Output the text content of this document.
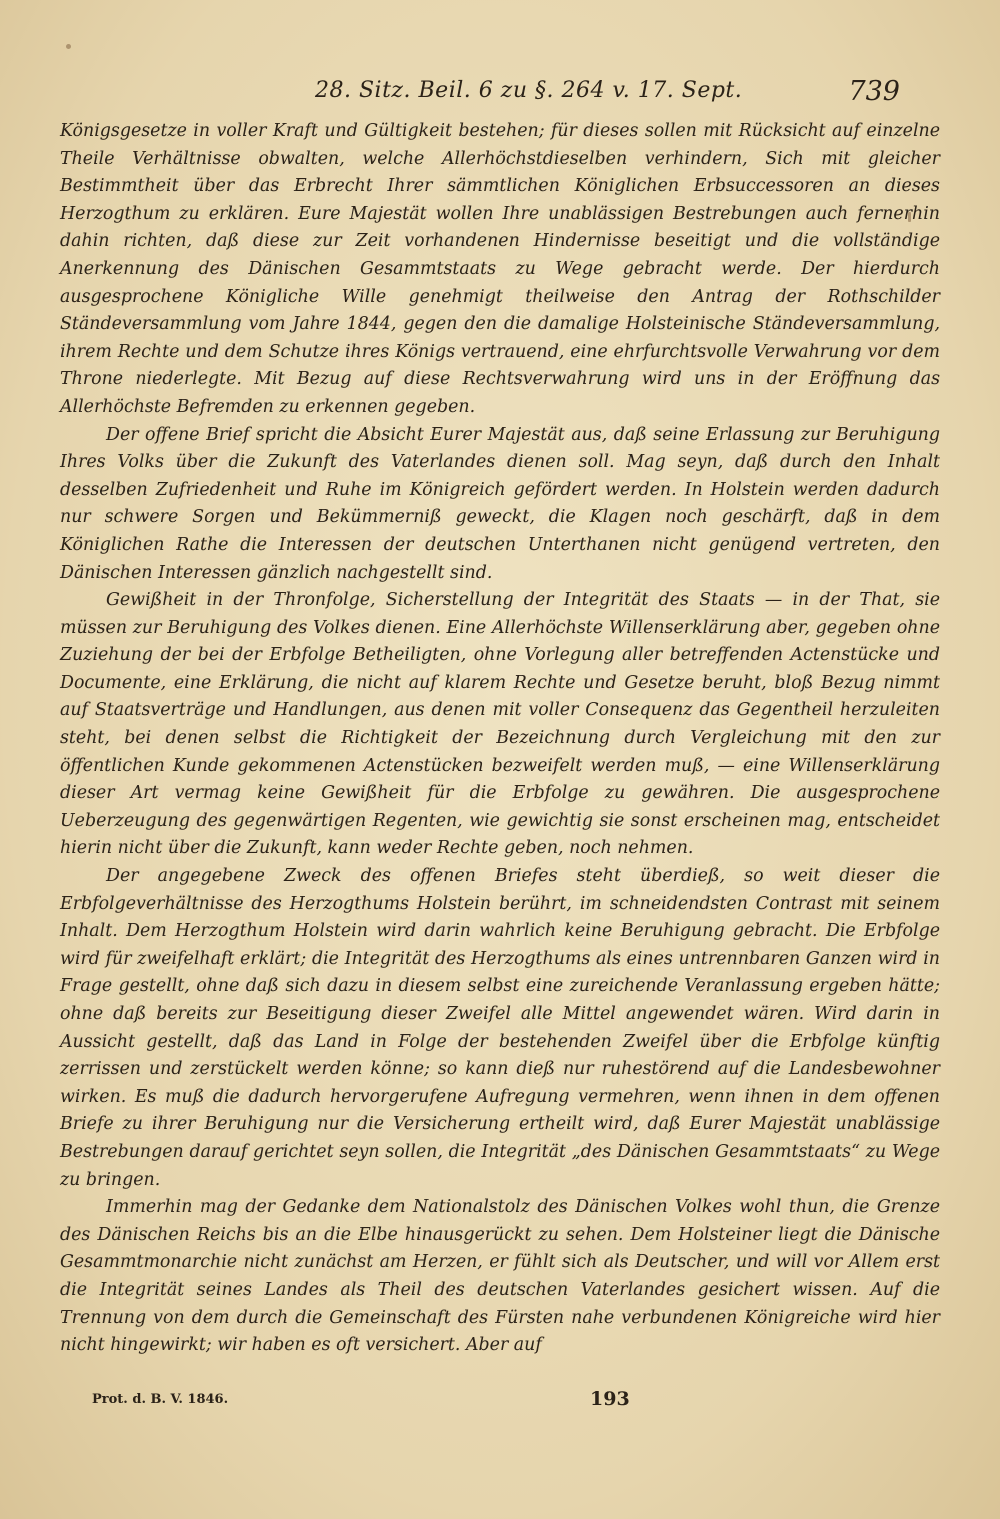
28. Sitz. Beil. 6 zu §. 264 v. 17. Sept.	739

Königsgesetze in voller Kraft und Gültigkeit bestehen; für dieses sollen mit Rücksicht auf einzelne Theile Verhältnisse obwalten, welche Allerhöchstdieselben verhindern, Sich mit gleicher Bestimmtheit über das Erbrecht Ihrer sämmtlichen Königlichen Erbsuccessoren an dieses Herzogthum zu erklären. Eure Majestät wollen Ihre unablässigen Bestrebungen auch fernerhin dahin richten, daß diese zur Zeit vorhandenen Hindernisse beseitigt und die vollständige Anerkennung des Dänischen Gesammtstaats zu Wege gebracht werde. Der hierdurch ausgesprochene Königliche Wille genehmigt theilweise den Antrag der Rothschilder Ständeversammlung vom Jahre 1844, gegen den die damalige Holsteinische Ständeversammlung, ihrem Rechte und dem Schutze ihres Königs vertrauend, eine ehrfurchtsvolle Verwahrung vor dem Throne niederlegte. Mit Bezug auf diese Rechtsverwahrung wird uns in der Eröffnung das Allerhöchste Befremden zu erkennen gegeben.

Der offene Brief spricht die Absicht Eurer Majestät aus, daß seine Erlassung zur Beruhigung Ihres Volks über die Zukunft des Vaterlandes dienen soll. Mag seyn, daß durch den Inhalt desselben Zufriedenheit und Ruhe im Königreich gefördert werden. In Holstein werden dadurch nur schwere Sorgen und Bekümmerniß geweckt, die Klagen noch geschärft, daß in dem Königlichen Rathe die Interessen der deutschen Unterthanen nicht genügend vertreten, den Dänischen Interessen gänzlich nachgestellt sind.

Gewißheit in der Thronfolge, Sicherstellung der Integrität des Staats — in der That, sie müssen zur Beruhigung des Volkes dienen. Eine Allerhöchste Willenserklärung aber, gegeben ohne Zuziehung der bei der Erbfolge Betheiligten, ohne Vorlegung aller betreffenden Actenstücke und Documente, eine Erklärung, die nicht auf klarem Rechte und Gesetze beruht, bloß Bezug nimmt auf Staatsverträge und Handlungen, aus denen mit voller Consequenz das Gegentheil herzuleiten steht, bei denen selbst die Richtigkeit der Bezeichnung durch Vergleichung mit den zur öffentlichen Kunde gekommenen Actenstücken bezweifelt werden muß, — eine Willenserklärung dieser Art vermag keine Gewißheit für die Erbfolge zu gewähren. Die ausgesprochene Ueberzeugung des gegenwärtigen Regenten, wie gewichtig sie sonst erscheinen mag, entscheidet hierin nicht über die Zukunft, kann weder Rechte geben, noch nehmen.

Der angegebene Zweck des offenen Briefes steht überdieß, so weit dieser die Erbfolgeverhältnisse des Herzogthums Holstein berührt, im schneidendsten Contrast mit seinem Inhalt. Dem Herzogthum Holstein wird darin wahrlich keine Beruhigung gebracht. Die Erbfolge wird für zweifelhaft erklärt; die Integrität des Herzogthums als eines untrennbaren Ganzen wird in Frage gestellt, ohne daß sich dazu in diesem selbst eine zureichende Veranlassung ergeben hätte; ohne daß bereits zur Beseitigung dieser Zweifel alle Mittel angewendet wären. Wird darin in Aussicht gestellt, daß das Land in Folge der bestehenden Zweifel über die Erbfolge künftig zerrissen und zerstückelt werden könne; so kann dieß nur ruhestörend auf die Landesbewohner wirken. Es muß die dadurch hervorgerufene Aufregung vermehren, wenn ihnen in dem offenen Briefe zu ihrer Beruhigung nur die Versicherung ertheilt wird, daß Eurer Majestät unablässige Bestrebungen darauf gerichtet seyn sollen, die Integrität „des Dänischen Gesammtstaats“ zu Wege zu bringen.

Immerhin mag der Gedanke dem Nationalstolz des Dänischen Volkes wohl thun, die Grenze des Dänischen Reichs bis an die Elbe hinausgerückt zu sehen. Dem Holsteiner liegt die Dänische Gesammtmonarchie nicht zunächst am Herzen, er fühlt sich als Deutscher, und will vor Allem erst die Integrität seines Landes als Theil des deutschen Vaterlandes gesichert wissen. Auf die Trennung von dem durch die Gemeinschaft des Fürsten nahe verbundenen Königreiche wird hier nicht hingewirkt; wir haben es oft versichert. Aber auf

Prot. d. B. V. 1846.	193
